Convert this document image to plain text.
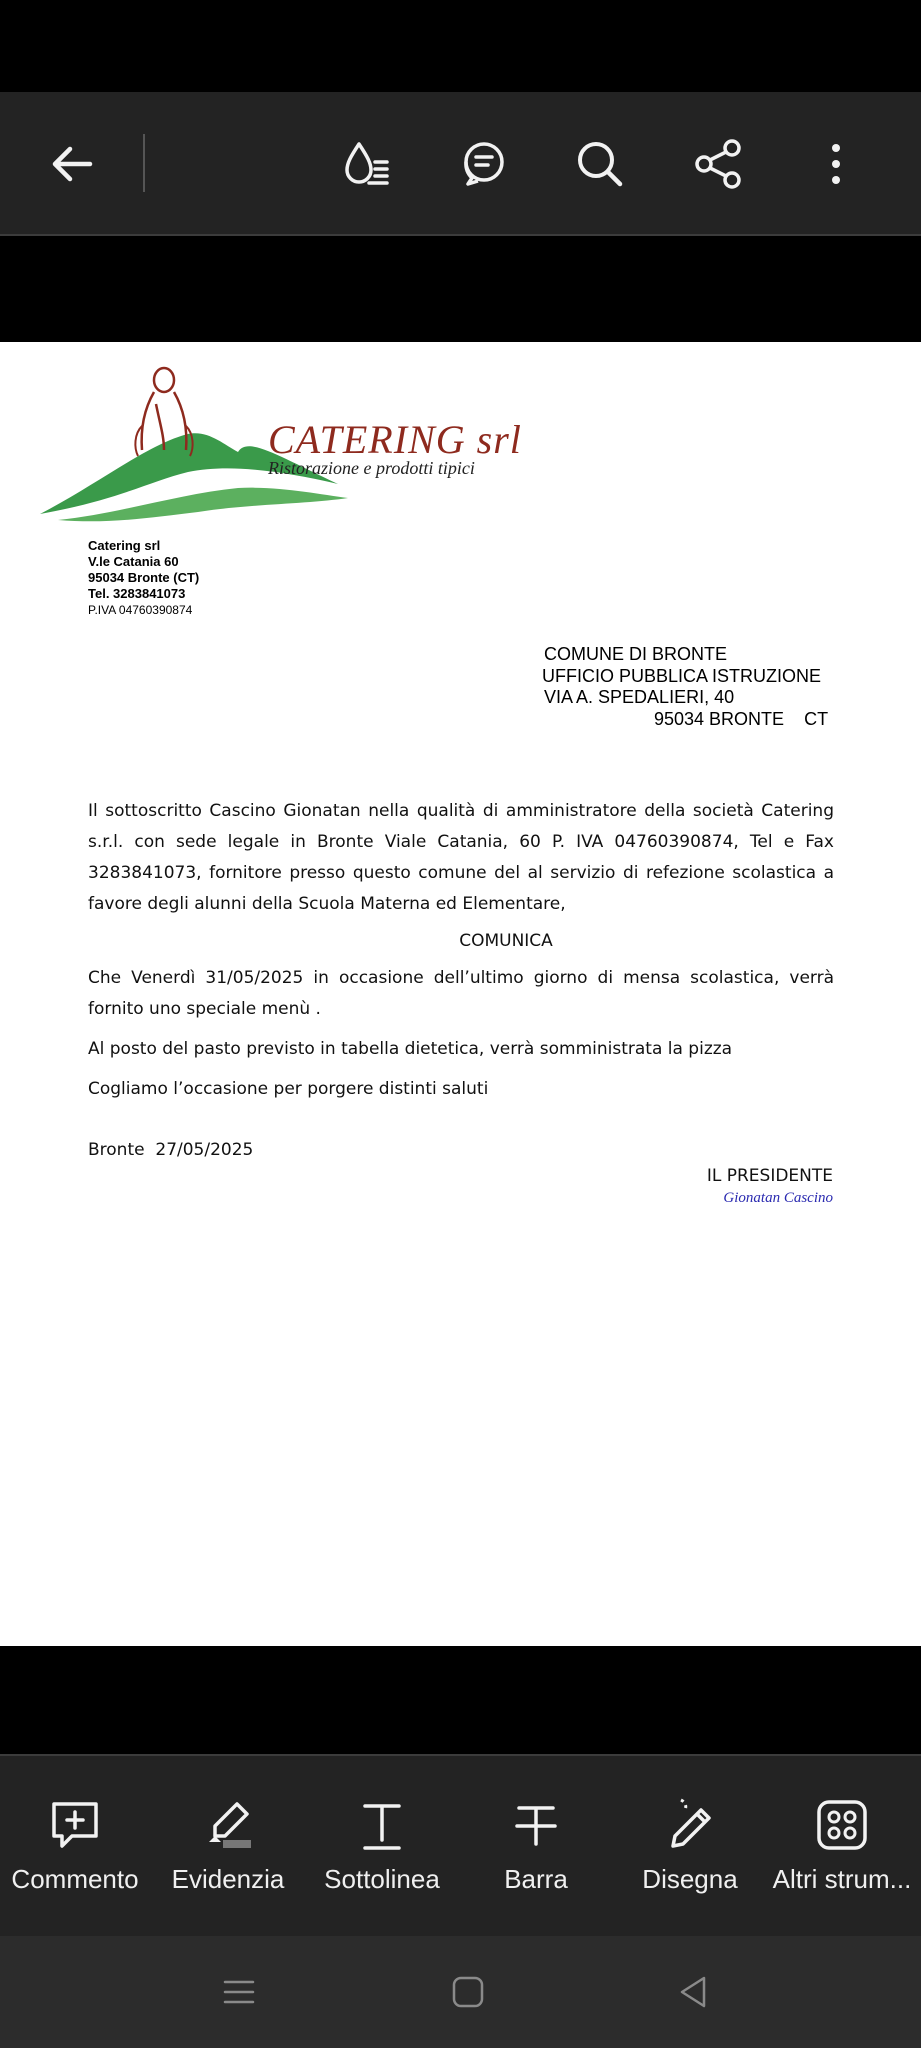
CATERING srl
Ristorazione e prodotti tipici
Catering srl
V.le Catania 60
95034 Bronte (CT)
Tel. 3283841073
P.IVA 04760390874
COMUNE DI BRONTE
UFFICIO PUBBLICA ISTRUZIONE
VIA A. SPEDALIERI, 40
95034 BRONTE    CT

Il sottoscritto Cascino Gionatan nella qualità di amministratore della società Catering s.r.l. con sede legale in Bronte Viale Catania, 60 P. IVA 04760390874, Tel e Fax 3283841073, fornitore presso questo comune del al servizio di refezione scolastica a favore degli alunni della Scuola Materna ed Elementare,

COMUNICA

Che Venerdì 31/05/2025 in occasione dell’ultimo giorno di mensa scolastica, verrà fornito uno speciale menù .

Al posto del pasto previsto in tabella dietetica, verrà somministrata la pizza

Cogliamo l’occasione per porgere distinti saluti

Bronte  27/05/2025

IL PRESIDENTE
Gionatan Cascino
Commento	Evidenzia	Sottolinea	Barra	Disegna	Altri strum...
